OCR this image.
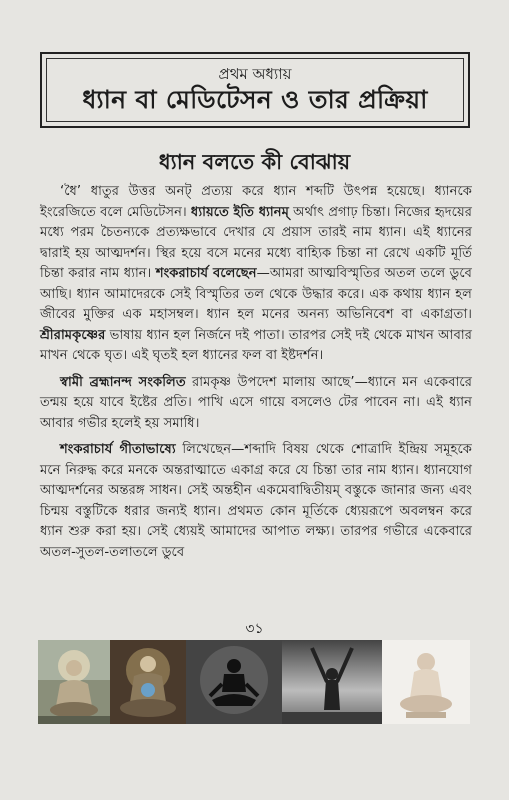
প্রথম অধ্যায়
ধ্যান বা মেডিটেসন ও তার প্রক্রিয়া
ধ্যান বলতে কী বোঝায়

‘ধৈ’ ধাতুর উত্তর অনট্ প্রত্যয় করে ধ্যান শব্দটি উৎপন্ন হয়েছে। ধ্যানকে ইংরেজিতে বলে মেডিটেসন। ধ্যায়তে ইতি ধ্যানম্ অর্থাৎ প্রগাঢ় চিন্তা। নিজের হৃদয়ের মধ্যে পরম চৈতন্যকে প্রত্যক্ষভাবে দেখার যে প্রয়াস তারই নাম ধ্যান। এই ধ্যানের দ্বারাই হয় আত্মদর্শন। স্থির হয়ে বসে মনের মধ্যে বাহ্যিক চিন্তা না রেখে একটি মূর্তি চিন্তা করার নাম ধ্যান। শংকরাচার্য বলেছেন—আমরা আত্মবিস্মৃতির অতল তলে ডুবে আছি। ধ্যান আমাদেরকে সেই বিস্মৃতির তল থেকে উদ্ধার করে। এক কথায় ধ্যান হল জীবের মুক্তির এক মহাসম্বল। ধ্যান হল মনের অনন্য অভিনিবেশ বা একাগ্রতা। শ্রীরামকৃষ্ণের ভাষায় ধ্যান হল নির্জনে দই পাতা। তারপর সেই দই থেকে মাখন আবার মাখন থেকে ঘৃত। এই ঘৃতই হল ধ্যানের ফল বা ইষ্টদর্শন।

স্বামী ব্রহ্মানন্দ সংকলিত রামকৃষ্ণ উপদেশ মালায় আছে’—ধ্যানে মন একেবারে তন্ময় হয়ে যাবে ইষ্টের প্রতি। পাখি এসে গায়ে বসলেও টের পাবেন না। এই ধ্যান আবার গভীর হলেই হয় সমাধি।

শংকরাচার্য গীতাভাষ্যে লিখেছেন—শব্দাদি বিষয় থেকে শোত্রাদি ইন্দ্রিয় সমূহকে মনে নিরুদ্ধ করে মনকে অন্তরাত্মাতে একাগ্র করে যে চিন্তা তার নাম ধ্যান। ধ্যানযোগ আত্মদর্শনের অন্তরঙ্গ সাধন। সেই অন্তহীন একমেবাদ্বিতীয়ম্ বস্তুকে জানার জন্য এবং চিন্ময় বস্তুটিকে ধরার জন্যই ধ্যান। প্রথমত কোন মূর্তিকে ধ্যেয়রূপে অবলম্বন করে ধ্যান শুরু করা হয়। সেই ধ্যেয়ই আমাদের আপাত লক্ষ্য। তারপর গভীরে একেবারে অতল-সুতল-তলাতলে ডুবে

৩১
